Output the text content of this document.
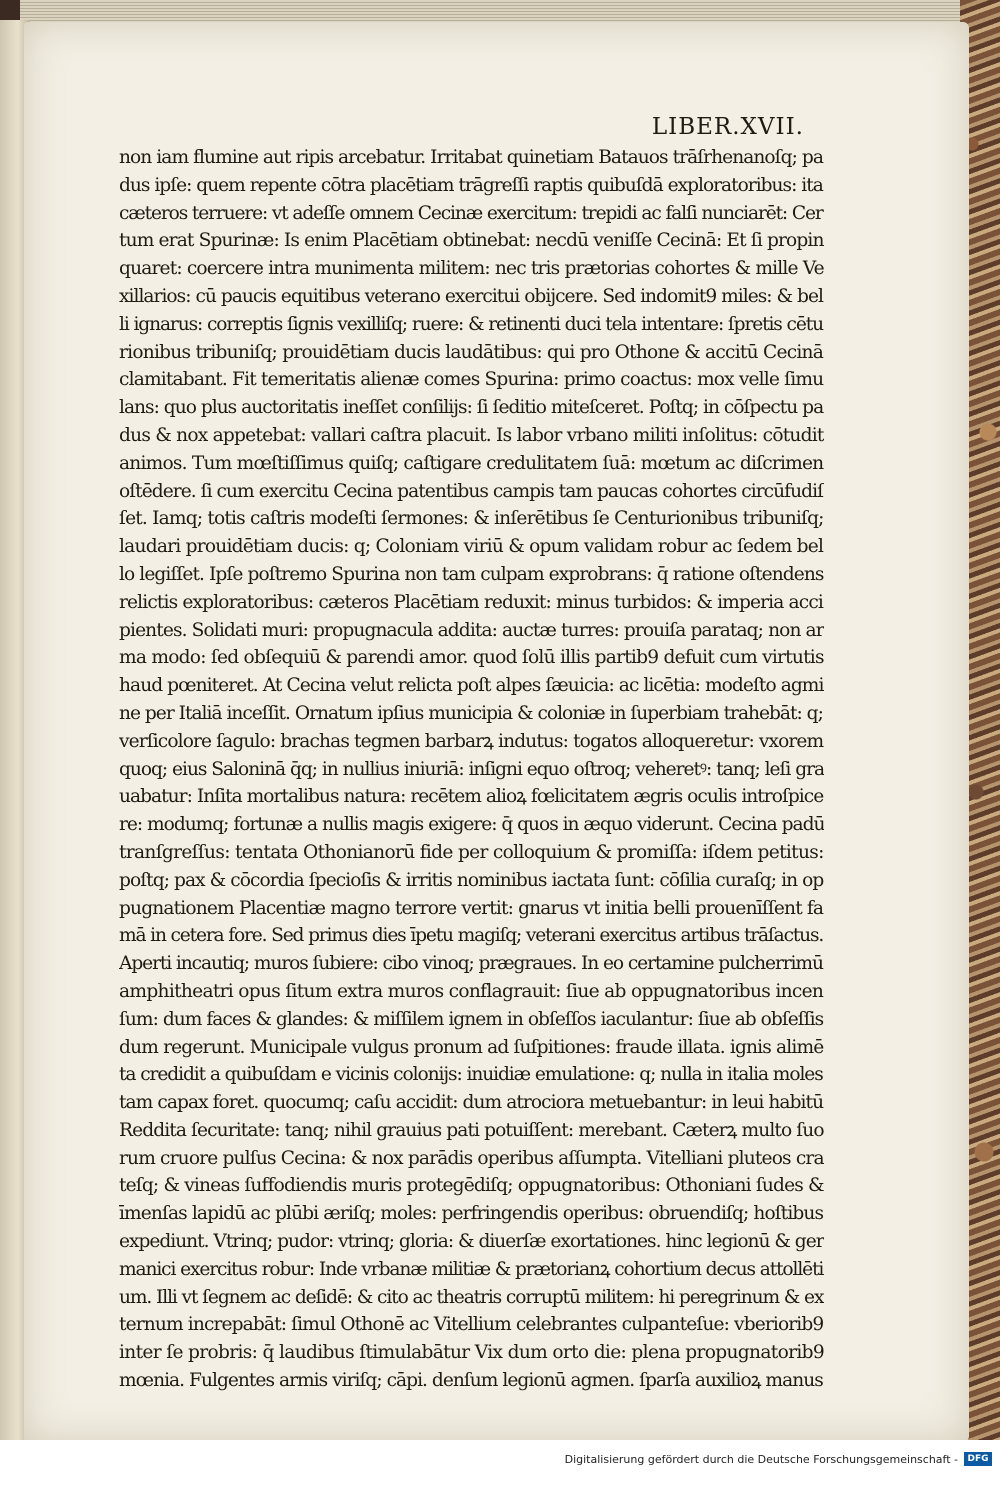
LIBER.XVII.
non iam flumine aut ripis arcebatur. Irritabat quinetiam Batauos trāſrhenanoſq; pa
dus ipſe: quem repente cōtra placētiam trāgreſſi raptis quibuſdā exploratoribus: ita
cæteros terruere: vt adeſſe omnem Cecinæ exercitum: trepidi ac falſi nunciarēt: Cer
tum erat Spurinæ: Is enim Placētiam obtinebat: necdū veniſſe Cecinā: Et ſi propin
quaret: coercere intra munimenta militem: nec tris prætorias cohortes & mille Ve
xillarios: cū paucis equitibus veterano exercitui obijcere. Sed indomit9 miles: & bel
li ignarus: correptis ſignis vexilliſq; ruere: & retinenti duci tela intentare: ſpretis cētu
rionibus tribuniſq; prouidētiam ducis laudātibus: qui pro Othone & accitū Cecinā
clamitabant. Fit temeritatis alienæ comes Spurina: primo coactus: mox velle ſimu
lans: quo plus auctoritatis ineſſet conſilijs: ſi ſeditio miteſceret. Poſtq; in cōſpectu pa
dus & nox appetebat: vallari caſtra placuit. Is labor vrbano militi inſolitus: cōtudit
animos. Tum mœſtiſſimus quiſq; caſtigare credulitatem ſuā: mœtum ac diſcrimen
oſtēdere. ſi cum exercitu Cecina patentibus campis tam paucas cohortes circūfudiſ
ſet. Iamq; totis caſtris modeſti ſermones: & inſerētibus ſe Centurionibus tribuniſq;
laudari prouidētiam ducis: q; Coloniam viriū & opum validam robur ac ſedem bel
lo legiſſet. Ipſe poſtremo Spurina non tam culpam exprobrans: q̄ ratione oſtendens
relictis exploratoribus: cæteros Placētiam reduxit: minus turbidos: & imperia acci
pientes. Solidati muri: propugnacula addita: auctæ turres: prouiſa parataq; non ar
ma modo: ſed obſequiū & parendi amor. quod ſolū illis partib9 defuit cum virtutis
haud pœniteret. At Cecina velut relicta poſt alpes ſæuicia: ac licētia: modeſto agmi
ne per Italiā inceſſit. Ornatum ipſius municipia & coloniæ in ſuperbiam trahebāt: q;
verſicolore ſagulo: brachas tegmen barbarꝝ indutus: togatos alloqueretur: vxorem
quoq; eius Saloninā q̄q; in nullius iniuriā: inſigni equo oſtroq; veheretꝰ: tanq; leſi gra
uabatur: Inſita mortalibus natura: recētem alioꝝ fœlicitatem ægris oculis introſpice
re: modumq; fortunæ a nullis magis exigere: q̄ quos in æquo viderunt. Cecina padū
tranſgreſſus: tentata Othonianorū fide per colloquium & promiſſa: iſdem petitus:
poſtq; pax & cōcordia ſpecioſis & irritis nominibus iactata ſunt: cōſilia curaſq; in op
pugnationem Placentiæ magno terrore vertit: gnarus vt initia belli prouenīſſent fa
mā in cetera fore. Sed primus dies īpetu magiſq; veterani exercitus artibus trāſactus.
Aperti incautiq; muros ſubiere: cibo vinoq; prægraues. In eo certamine pulcherrimū
amphitheatri opus ſitum extra muros conflagrauit: ſiue ab oppugnatoribus incen
ſum: dum faces & glandes: & miſſilem ignem in obſeſſos iaculantur: ſiue ab obſeſſis
dum regerunt. Municipale vulgus pronum ad ſuſpitiones: fraude illata. ignis alimē
ta credidit a quibuſdam e vicinis colonijs: inuidiæ emulatione: q; nulla in italia moles
tam capax foret. quocumq; caſu accidit: dum atrociora metuebantur: in leui habitū
Reddita ſecuritate: tanq; nihil grauius pati potuiſſent: merebant. Cæterꝝ multo ſuo
rum cruore pulſus Cecina: & nox parādis operibus aſſumpta. Vitelliani pluteos cra
teſq; & vineas ſuffodiendis muris protegēdiſq; oppugnatoribus: Othoniani ſudes &
īmenſas lapidū ac plūbi æriſq; moles: perfringendis operibus: obruendiſq; hoſtibus
expediunt. Vtrinq; pudor: vtrinq; gloria: & diuerſæ exortationes. hinc legionū & ger
manici exercitus robur: Inde vrbanæ militiæ & prætorianꝝ cohortium decus attollēti
um. Illi vt ſegnem ac deſidē: & cito ac theatris corruptū militem: hi peregrinum & ex
ternum increpabāt: ſimul Othonē ac Vitellium celebrantes culpanteſue: vberiorib9
inter ſe probris: q̄ laudibus ſtimulabātur Vix dum orto die: plena propugnatorib9
mœnia. Fulgentes armis viriſq; cāpi. denſum legionū agmen. ſparſa auxilioꝝ manus
Digitalisierung gefördert durch die Deutsche Forschungsgemeinschaft -	DFG
